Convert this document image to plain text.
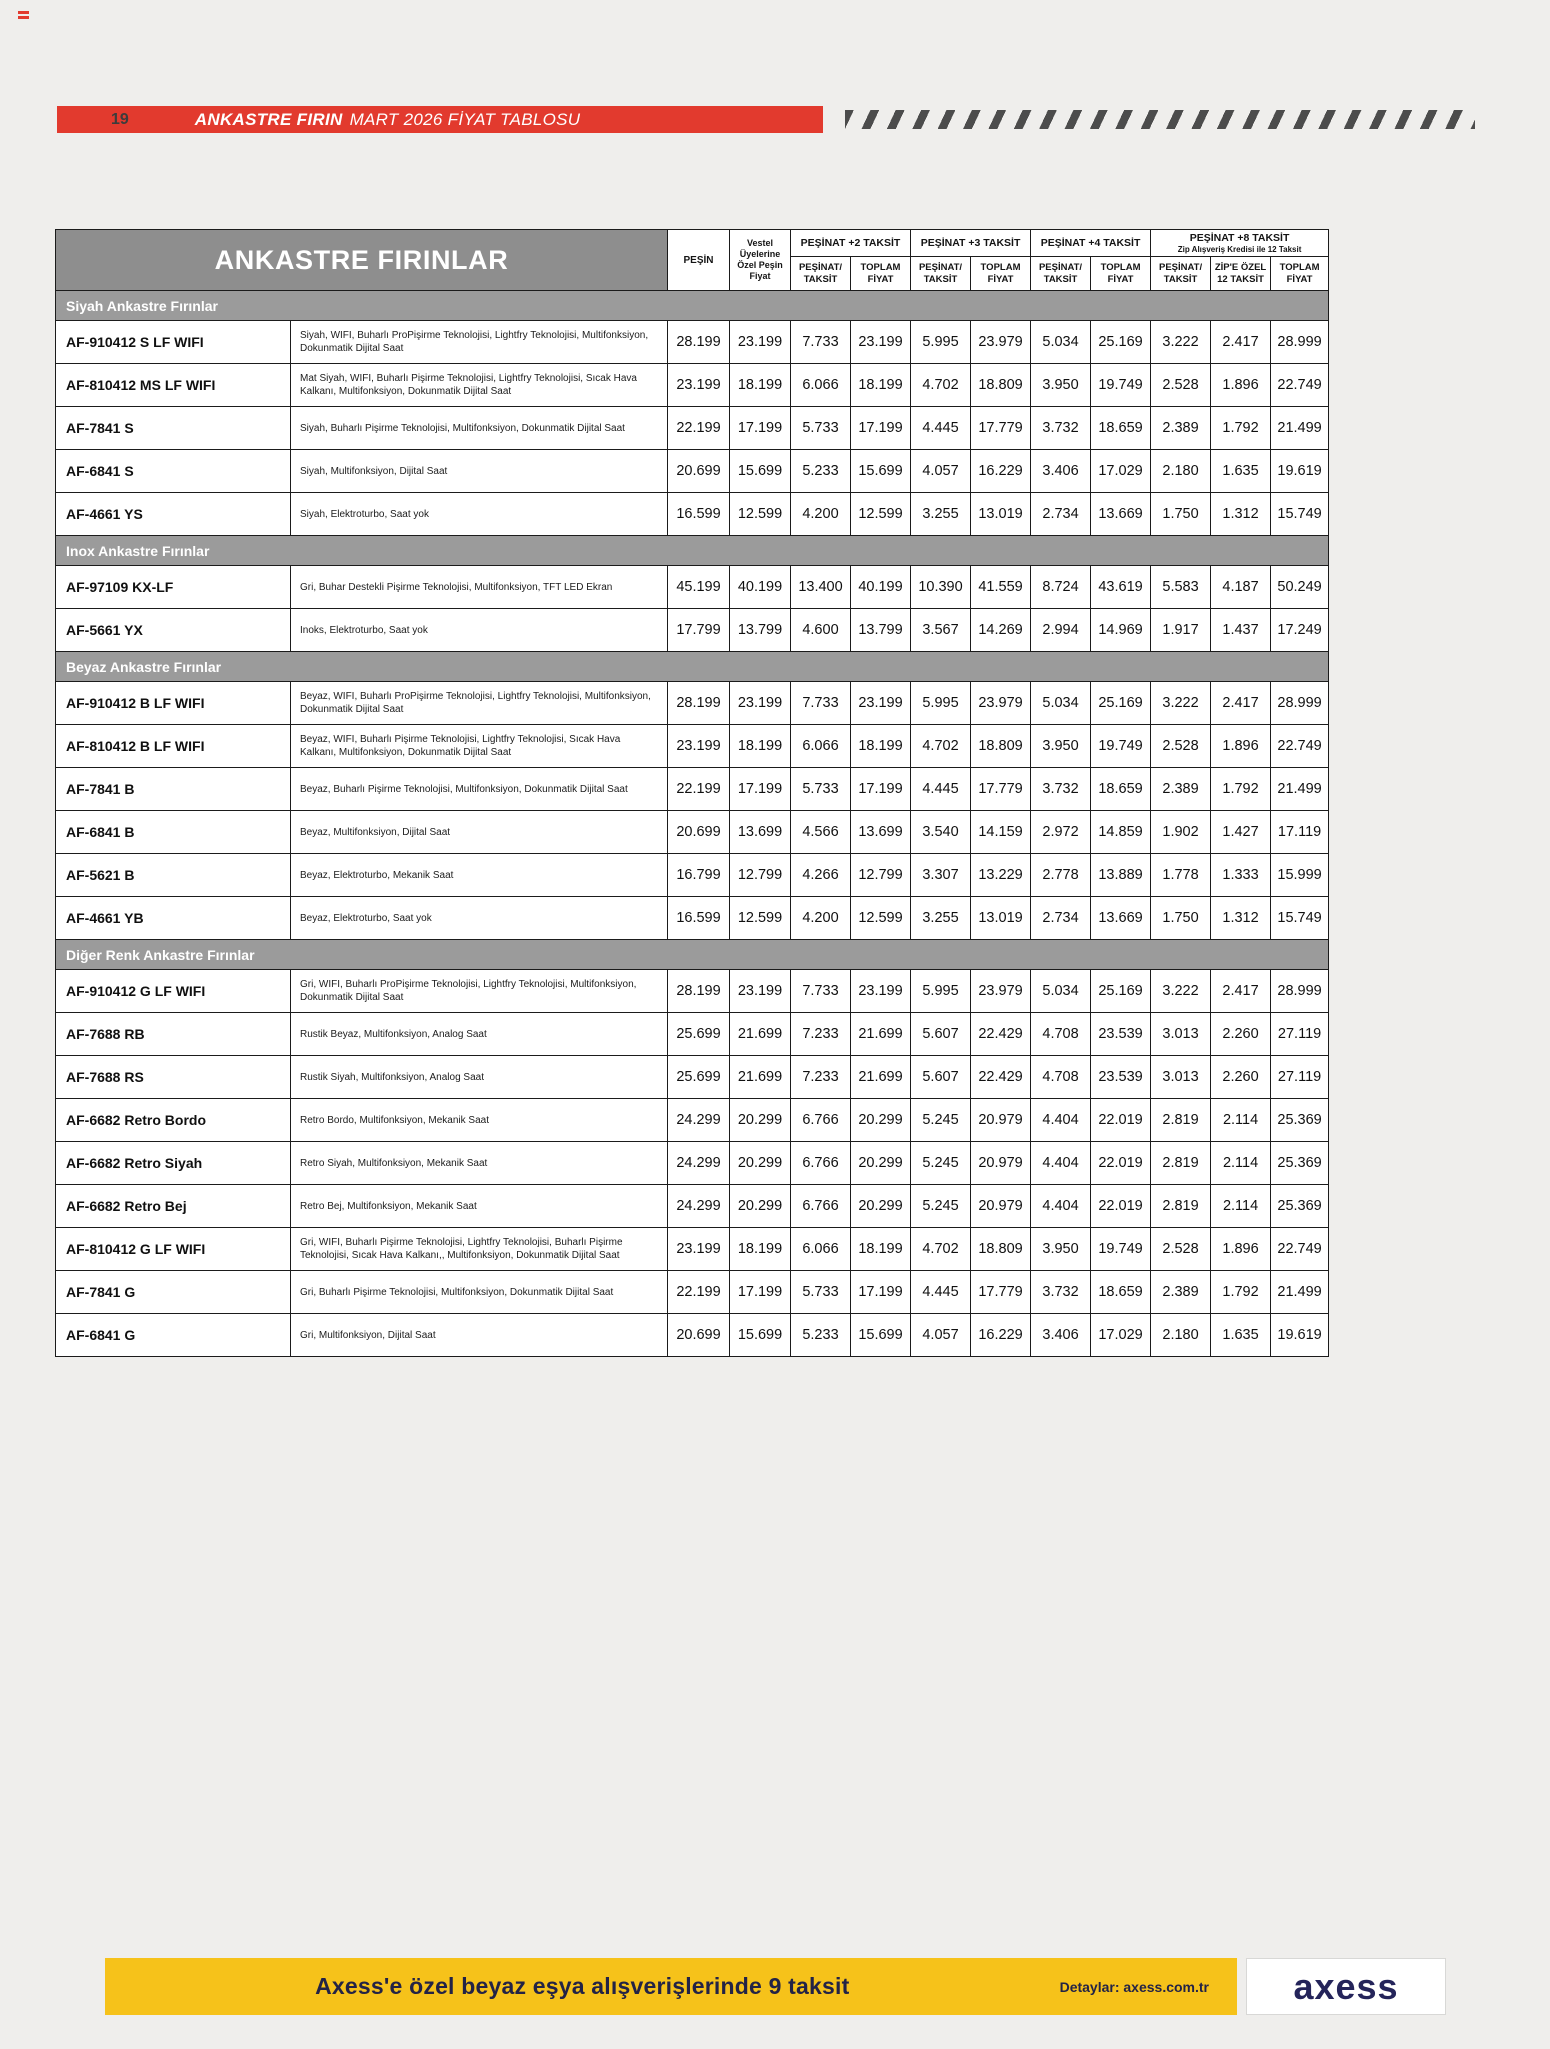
19	ANKASTRE FIRIN MART 2026 FİYAT TABLOSU
ANKASTRE FIRINLAR		PEŞİN	Vestel Üyelerine Özel Peşin Fiyat	PEŞİNAT +2 TAKSİT		PEŞİNAT +3 TAKSİT		PEŞİNAT +4 TAKSİT		PEŞİNAT +8 TAKSİT
Zip Alışveriş Kredisi ile 12 Taksit		

				PEŞİNAT/ TAKSİT	TOPLAM FİYAT	PEŞİNAT/ TAKSİT	TOPLAM FİYAT	PEŞİNAT/ TAKSİT	TOPLAM FİYAT	PEŞİNAT/ TAKSİT	ZİP'E ÖZEL 12 TAKSİT	TOPLAM FİYAT
Siyah Ankastre Fırınlar												
AF-910412 S LF WIFI	Siyah, WIFI, Buharlı ProPişirme Teknolojisi, Lightfry Teknolojisi, Multifonksiyon, Dokunmatik Dijital Saat	28.199	23.199	7.733	23.199	5.995	23.979	5.034	25.169	3.222	2.417	28.999
AF-810412 MS LF WIFI	Mat Siyah, WIFI, Buharlı Pişirme Teknolojisi, Lightfry Teknolojisi, Sıcak Hava Kalkanı, Multifonksiyon, Dokunmatik Dijital Saat	23.199	18.199	6.066	18.199	4.702	18.809	3.950	19.749	2.528	1.896	22.749
AF-7841 S	Siyah, Buharlı Pişirme Teknolojisi, Multifonksiyon, Dokunmatik Dijital Saat	22.199	17.199	5.733	17.199	4.445	17.779	3.732	18.659	2.389	1.792	21.499
AF-6841 S	Siyah, Multifonksiyon, Dijital Saat	20.699	15.699	5.233	15.699	4.057	16.229	3.406	17.029	2.180	1.635	19.619
AF-4661 YS	Siyah, Elektroturbo, Saat yok	16.599	12.599	4.200	12.599	3.255	13.019	2.734	13.669	1.750	1.312	15.749
Inox Ankastre Fırınlar												
AF-97109 KX-LF	Gri, Buhar Destekli Pişirme Teknolojisi, Multifonksiyon, TFT LED Ekran	45.199	40.199	13.400	40.199	10.390	41.559	8.724	43.619	5.583	4.187	50.249
AF-5661 YX	Inoks, Elektroturbo, Saat yok	17.799	13.799	4.600	13.799	3.567	14.269	2.994	14.969	1.917	1.437	17.249
Beyaz Ankastre Fırınlar												
AF-910412 B LF WIFI	Beyaz, WIFI, Buharlı ProPişirme Teknolojisi, Lightfry Teknolojisi, Multifonksiyon, Dokunmatik Dijital Saat	28.199	23.199	7.733	23.199	5.995	23.979	5.034	25.169	3.222	2.417	28.999
AF-810412 B LF WIFI	Beyaz, WIFI, Buharlı Pişirme Teknolojisi, Lightfry Teknolojisi, Sıcak Hava Kalkanı, Multifonksiyon, Dokunmatik Dijital Saat	23.199	18.199	6.066	18.199	4.702	18.809	3.950	19.749	2.528	1.896	22.749
AF-7841 B	Beyaz, Buharlı Pişirme Teknolojisi, Multifonksiyon, Dokunmatik Dijital Saat	22.199	17.199	5.733	17.199	4.445	17.779	3.732	18.659	2.389	1.792	21.499
AF-6841 B	Beyaz, Multifonksiyon, Dijital Saat	20.699	13.699	4.566	13.699	3.540	14.159	2.972	14.859	1.902	1.427	17.119
AF-5621 B	Beyaz, Elektroturbo, Mekanik Saat	16.799	12.799	4.266	12.799	3.307	13.229	2.778	13.889	1.778	1.333	15.999
AF-4661 YB	Beyaz, Elektroturbo, Saat yok	16.599	12.599	4.200	12.599	3.255	13.019	2.734	13.669	1.750	1.312	15.749
Diğer Renk Ankastre Fırınlar												
AF-910412 G LF WIFI	Gri, WIFI, Buharlı ProPişirme Teknolojisi, Lightfry Teknolojisi, Multifonksiyon, Dokunmatik Dijital Saat	28.199	23.199	7.733	23.199	5.995	23.979	5.034	25.169	3.222	2.417	28.999
AF-7688 RB	Rustik Beyaz, Multifonksiyon, Analog Saat	25.699	21.699	7.233	21.699	5.607	22.429	4.708	23.539	3.013	2.260	27.119
AF-7688 RS	Rustik Siyah, Multifonksiyon, Analog Saat	25.699	21.699	7.233	21.699	5.607	22.429	4.708	23.539	3.013	2.260	27.119
AF-6682 Retro Bordo	Retro Bordo, Multifonksiyon, Mekanik Saat	24.299	20.299	6.766	20.299	5.245	20.979	4.404	22.019	2.819	2.114	25.369
AF-6682 Retro Siyah	Retro Siyah, Multifonksiyon, Mekanik Saat	24.299	20.299	6.766	20.299	5.245	20.979	4.404	22.019	2.819	2.114	25.369
AF-6682 Retro Bej	Retro Bej, Multifonksiyon, Mekanik Saat	24.299	20.299	6.766	20.299	5.245	20.979	4.404	22.019	2.819	2.114	25.369
AF-810412 G LF WIFI	Gri, WIFI, Buharlı Pişirme Teknolojisi, Lightfry Teknolojisi, Buharlı Pişirme Teknolojisi, Sıcak Hava Kalkanı,, Multifonksiyon, Dokunmatik Dijital Saat	23.199	18.199	6.066	18.199	4.702	18.809	3.950	19.749	2.528	1.896	22.749
AF-7841 G	Gri, Buharlı Pişirme Teknolojisi, Multifonksiyon, Dokunmatik Dijital Saat	22.199	17.199	5.733	17.199	4.445	17.779	3.732	18.659	2.389	1.792	21.499
AF-6841 G	Gri, Multifonksiyon, Dijital Saat	20.699	15.699	5.233	15.699	4.057	16.229	3.406	17.029	2.180	1.635	19.619
Axess'e özel beyaz eşya alışverişlerinde 9 taksit	Detaylar: axess.com.tr	axess
